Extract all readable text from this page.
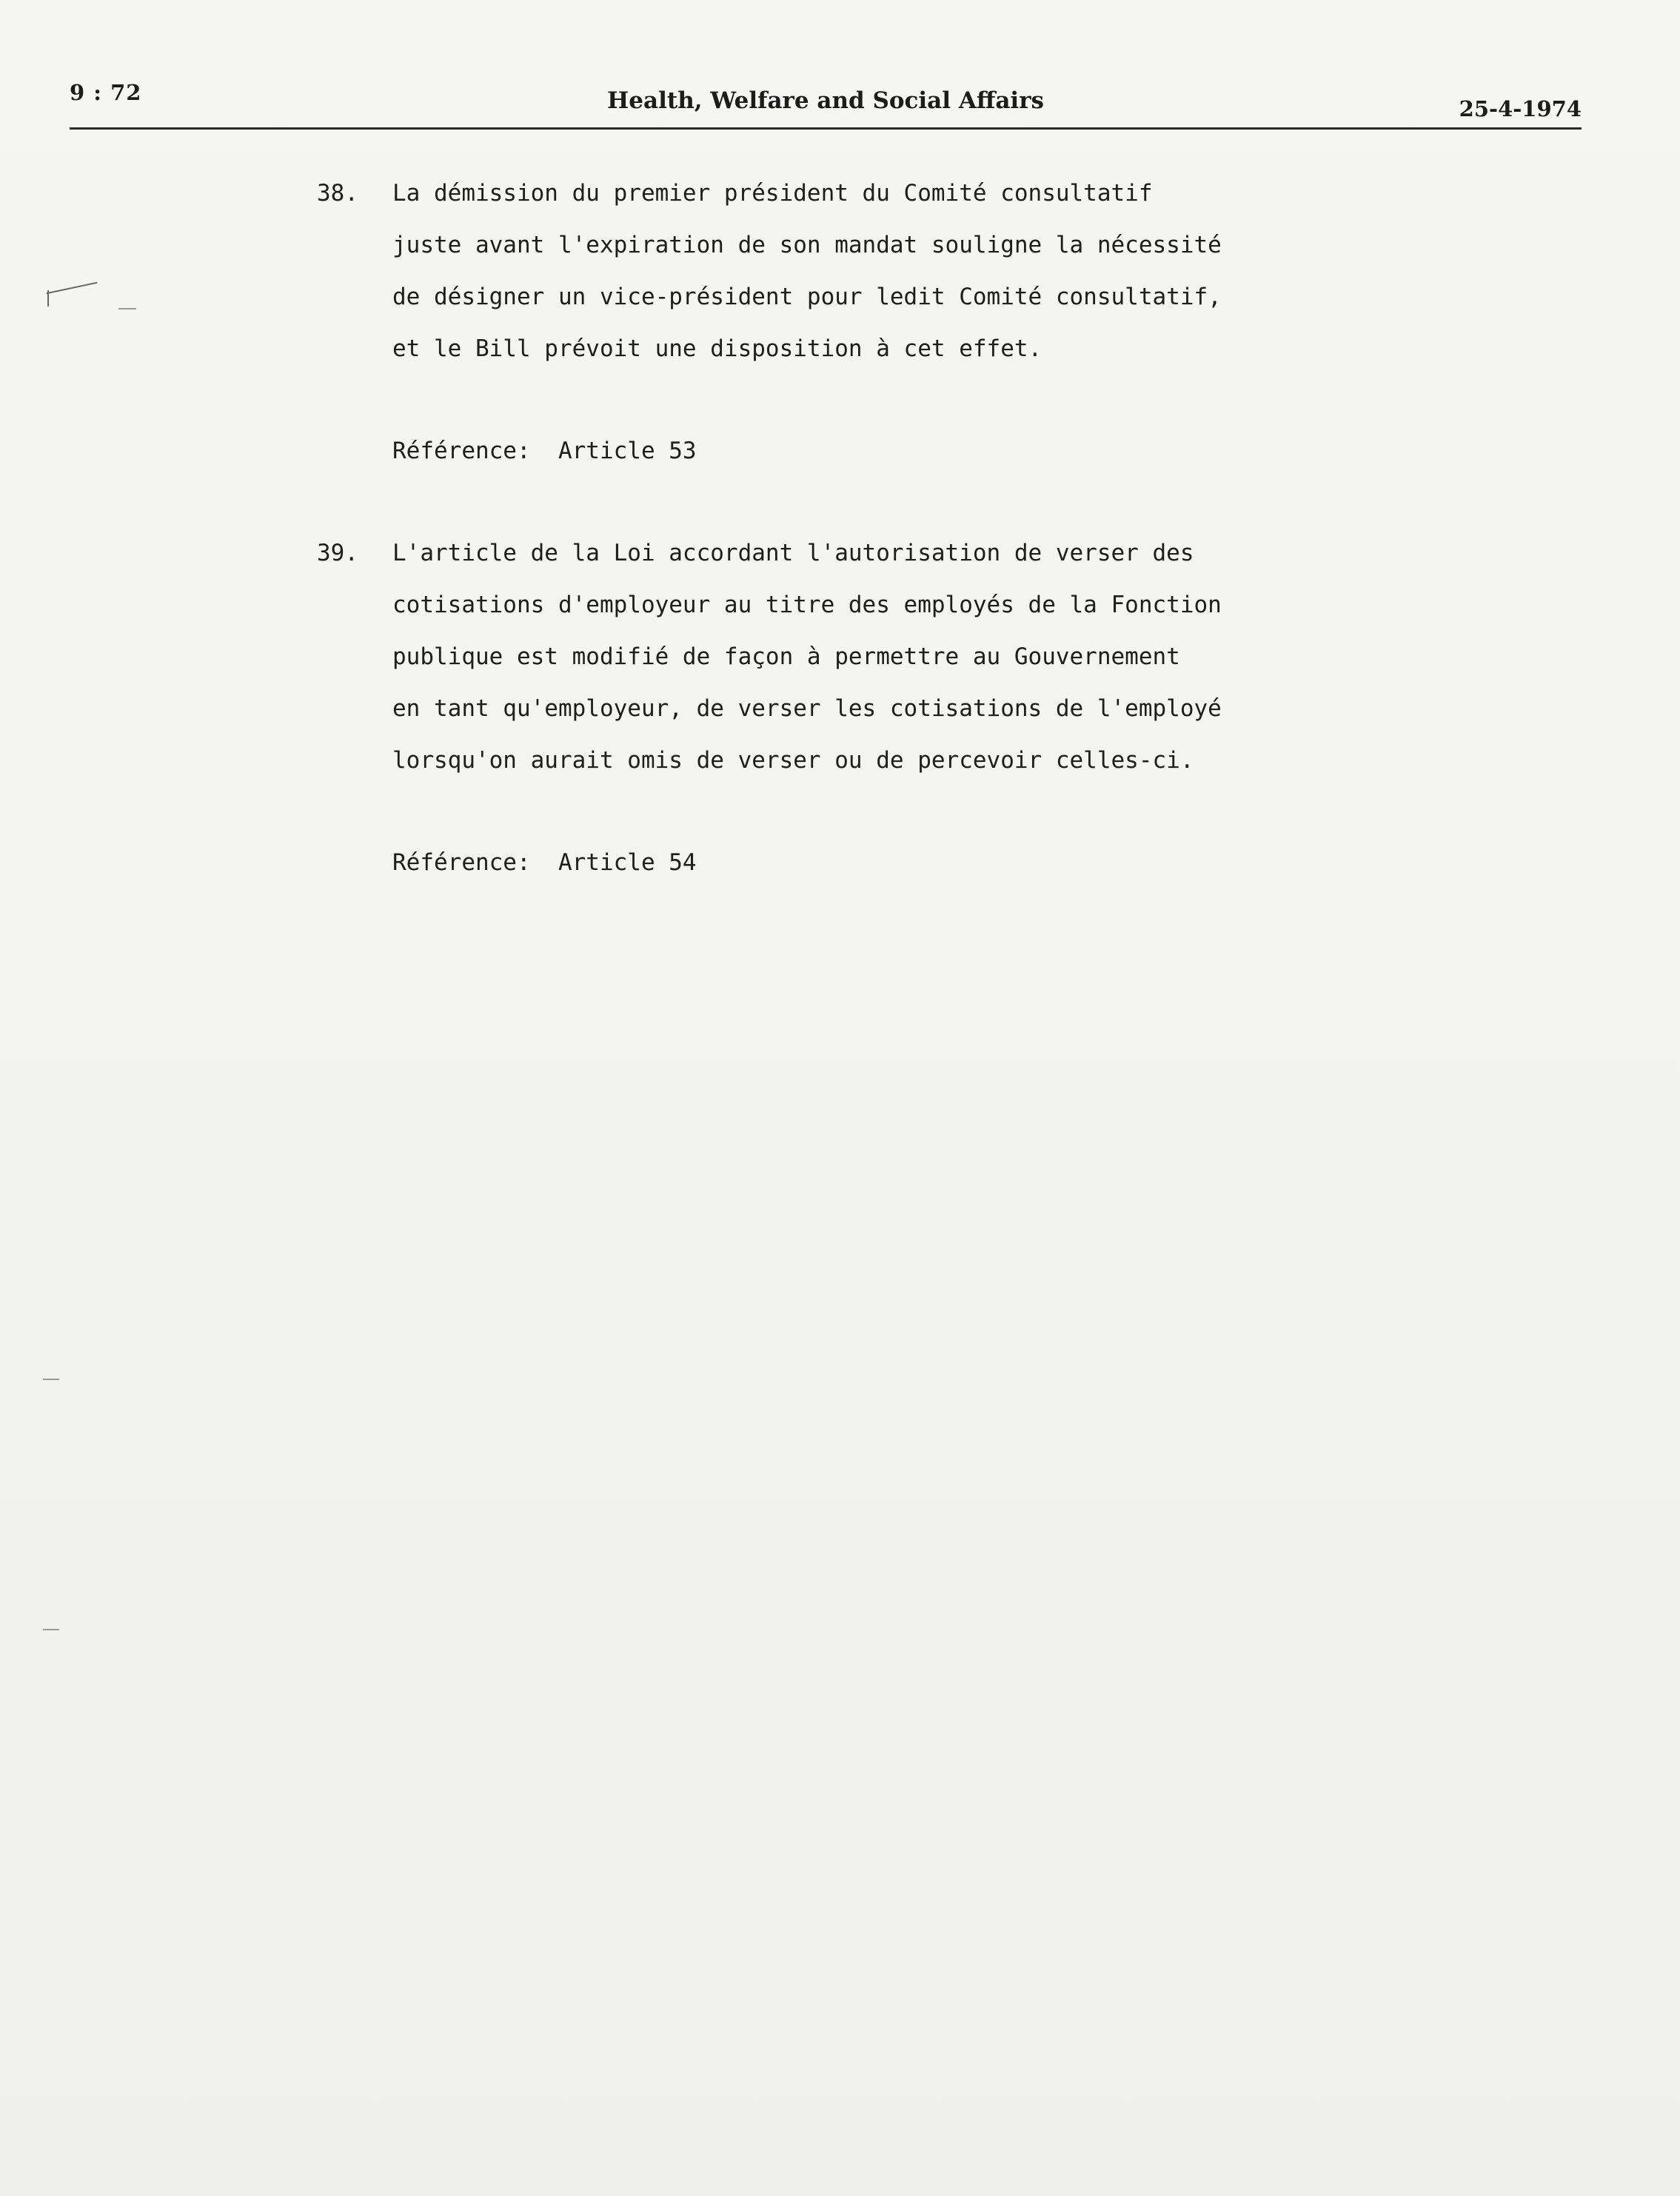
9 : 72	Health, Welfare and Social Affairs	25-4-1974
38. La démission du premier président du Comité consultatif
juste avant l'expiration de son mandat souligne la nécessité
de désigner un vice-président pour ledit Comité consultatif,
et le Bill prévoit une disposition à cet effet.
Référence:  Article 53
39. L'article de la Loi accordant l'autorisation de verser des
cotisations d'employeur au titre des employés de la Fonction
publique est modifié de façon à permettre au Gouvernement
en tant qu'employeur, de verser les cotisations de l'employé
lorsqu'on aurait omis de verser ou de percevoir celles-ci.
Référence:  Article 54
